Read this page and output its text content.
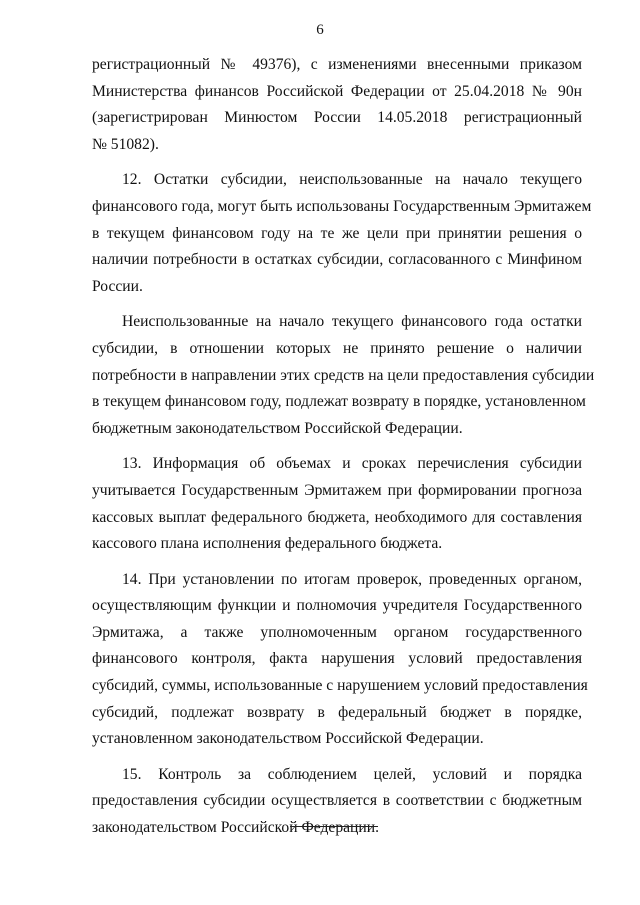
6

регистрационный № 49376), с изменениями внесенными приказом
Министерства финансов Российской Федерации от 25.04.2018 № 90н
(зарегистрирован Минюстом России 14.05.2018 регистрационный
№ 51082).

12. Остатки субсидии, неиспользованные на начало текущего
финансового года, могут быть использованы Государственным Эрмитажем
в текущем финансовом году на те же цели при принятии решения о
наличии потребности в остатках субсидии, согласованного с Минфином
России.

Неиспользованные на начало текущего финансового года остатки
субсидии, в отношении которых не принято решение о наличии
потребности в направлении этих средств на цели предоставления субсидии
в текущем финансовом году, подлежат возврату в порядке, установленном
бюджетным законодательством Российской Федерации.

13. Информация об объемах и сроках перечисления субсидии
учитывается Государственным Эрмитажем при формировании прогноза
кассовых выплат федерального бюджета, необходимого для составления
кассового плана исполнения федерального бюджета.

14. При установлении по итогам проверок, проведенных органом,
осуществляющим функции и полномочия учредителя Государственного
Эрмитажа, а также уполномоченным органом государственного
финансового контроля, факта нарушения условий предоставления
субсидий, суммы, использованные с нарушением условий предоставления
субсидий, подлежат возврату в федеральный бюджет в порядке,
установленном законодательством Российской Федерации.

15. Контроль за соблюдением целей, условий и порядка
предоставления субсидии осуществляется в соответствии с бюджетным
законодательством Российской Федерации.
